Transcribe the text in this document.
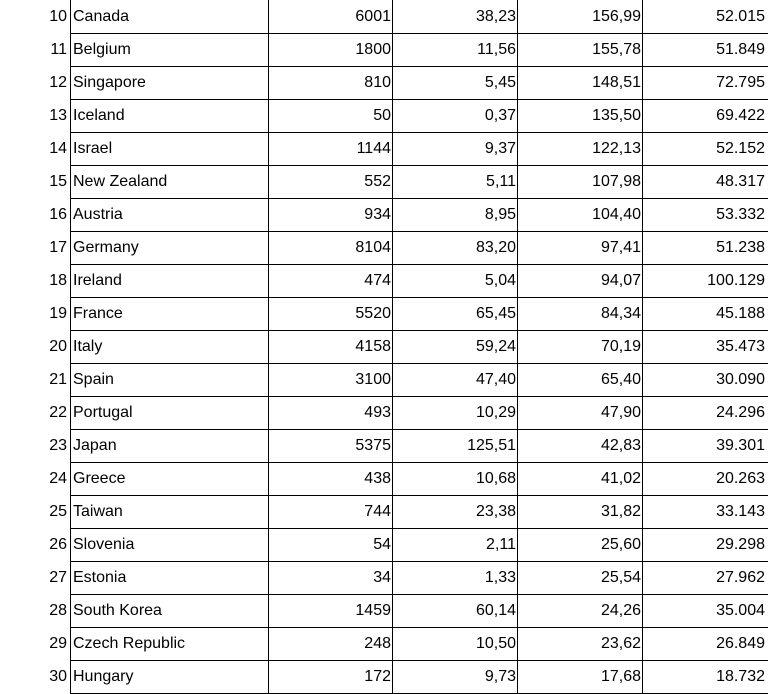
10 Canada	6001	38,23	156,99	52.015
11 Belgium	1800	11,56	155,78	51.849
12 Singapore	810	5,45	148,51	72.795
13 Iceland	50	0,37	135,50	69.422
14 Israel	1144	9,37	122,13	52.152
15 New Zealand	552	5,11	107,98	48.317
16 Austria	934	8,95	104,40	53.332
17 Germany	8104	83,20	97,41	51.238
18 Ireland	474	5,04	94,07	100.129
19 France	5520	65,45	84,34	45.188
20 Italy	4158	59,24	70,19	35.473
21 Spain	3100	47,40	65,40	30.090
22 Portugal	493	10,29	47,90	24.296
23 Japan	5375	125,51	42,83	39.301
24 Greece	438	10,68	41,02	20.263
25 Taiwan	744	23,38	31,82	33.143
26 Slovenia	54	2,11	25,60	29.298
27 Estonia	34	1,33	25,54	27.962
28 South Korea	1459	60,14	24,26	35.004
29 Czech Republic	248	10,50	23,62	26.849
30 Hungary	172	9,73	17,68	18.732
